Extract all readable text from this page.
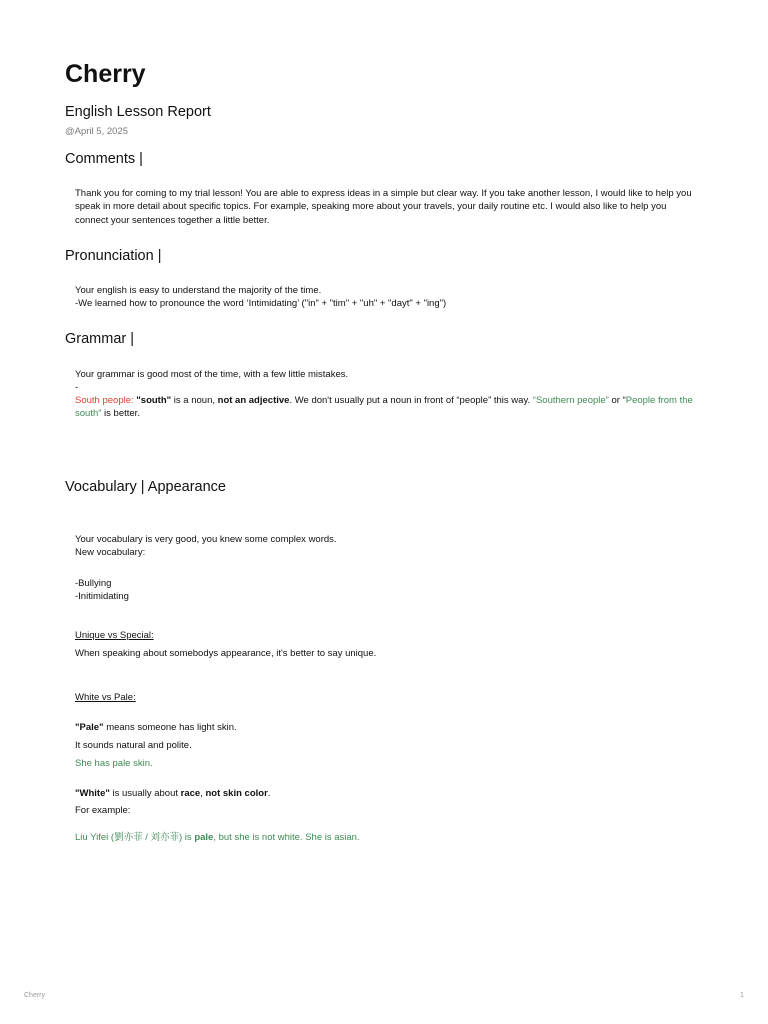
Cherry
English Lesson Report
@April 5, 2025
Comments |
Thank you for coming to my trial lesson! You are able to express ideas in a simple but clear way. If you take another lesson, I would like to help you speak in more detail about specific topics. For example, speaking more about your travels, your daily routine etc. I would also like to help you connect your sentences together a little better.
Pronunciation |
Your english is easy to understand the majority of the time.
-We learned how to pronounce the word ‘Intimidating’ ("in" + "tim" + "uh" + "dayt" + "ing")
Grammar |
Your grammar is good most of the time, with a few little mistakes.
-
South people: "south" is a noun, not an adjective. We don't usually put a noun in front of “people” this way. “Southern people” or “People from the south” is better.
Vocabulary | Appearance
Your vocabulary is very good, you knew some complex words.
New vocabulary:
-Bullying
-Initimidating
Unique vs Special:
When speaking about somebodys appearance, it's better to say unique.
White vs Pale:
"Pale" means someone has light skin.
It sounds natural and polite.
She has pale skin.
"White" is usually about race, not skin color.
For example:
Liu Yifei (劉亦菲 / 刘亦菲) is pale, but she is not white. She is asian.
Cherry	1
